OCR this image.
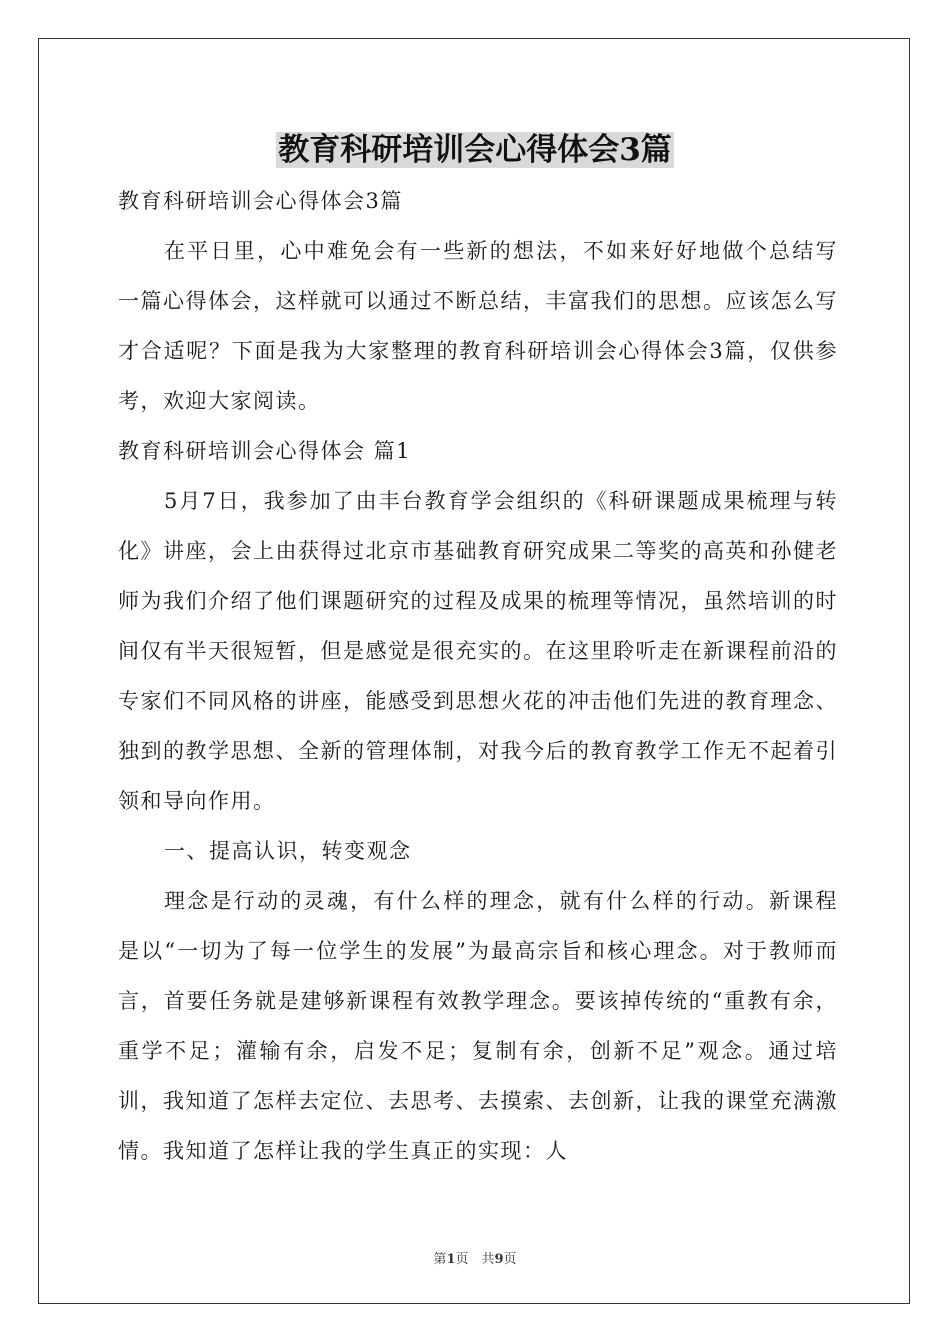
教育科研培训会心得体会3篇

教育科研培训会心得体会3篇

在平日里，心中难免会有一些新的想法，不如来好好地做个总结写一篇心得体会，这样就可以通过不断总结，丰富我们的思想。应该怎么写才合适呢？下面是我为大家整理的教育科研培训会心得体会3篇，仅供参考，欢迎大家阅读。

教育科研培训会心得体会 篇1

5月7日，我参加了由丰台教育学会组织的《科研课题成果梳理与转化》讲座，会上由获得过北京市基础教育研究成果二等奖的高英和孙健老师为我们介绍了他们课题研究的过程及成果的梳理等情况，虽然培训的时间仅有半天很短暂，但是感觉是很充实的。在这里聆听走在新课程前沿的专家们不同风格的讲座，能感受到思想火花的冲击他们先进的教育理念、独到的教学思想、全新的管理体制，对我今后的教育教学工作无不起着引领和导向作用。

一、提高认识，转变观念

理念是行动的灵魂，有什么样的理念，就有什么样的行动。新课程是以“一切为了每一位学生的发展”为最高宗旨和核心理念。对于教师而言，首要任务就是建够新课程有效教学理念。要该掉传统的“重教有余，重学不足；灌输有余，启发不足；复制有余，创新不足”观念。通过培训，我知道了怎样去定位、去思考、去摸索、去创新，让我的课堂充满激情。我知道了怎样让我的学生真正的实现：人

第1页　共9页
